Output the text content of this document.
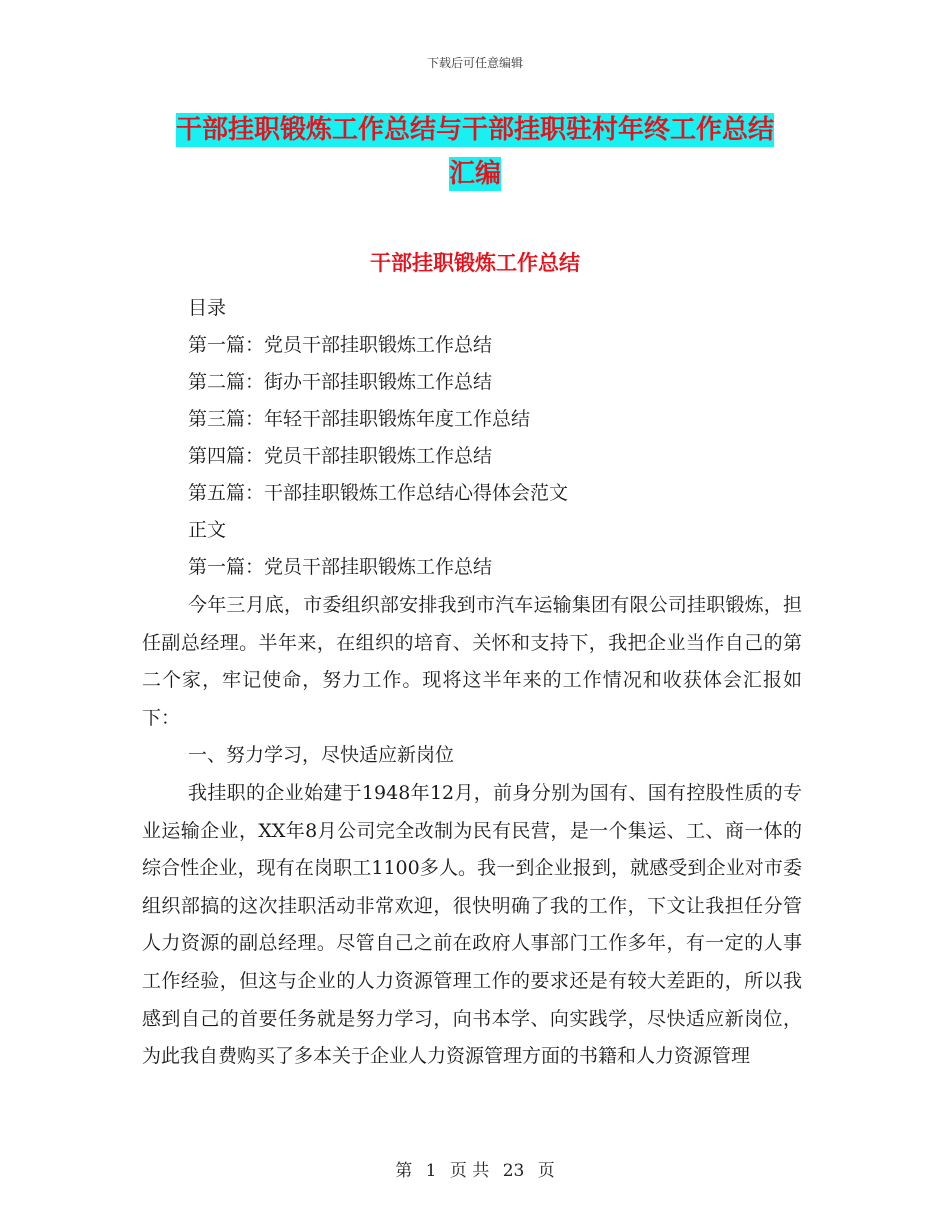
下载后可任意编辑
干部挂职锻炼工作总结与干部挂职驻村年终工作总结
汇编
干部挂职锻炼工作总结
目录
第一篇：党员干部挂职锻炼工作总结
第二篇：街办干部挂职锻炼工作总结
第三篇：年轻干部挂职锻炼年度工作总结
第四篇：党员干部挂职锻炼工作总结
第五篇：干部挂职锻炼工作总结心得体会范文
正文
第一篇：党员干部挂职锻炼工作总结

今年三月底，市委组织部安排我到市汽车运输集团有限公司挂职锻炼，担任副总经理。半年来，在组织的培育、关怀和支持下，我把企业当作自己的第二个家，牢记使命，努力工作。现将这半年来的工作情况和收获体会汇报如下：

一、努力学习，尽快适应新岗位

我挂职的企业始建于1948年12月，前身分别为国有、国有控股性质的专业运输企业，XX年8月公司完全改制为民有民营，是一个集运、工、商一体的综合性企业，现有在岗职工1100多人。我一到企业报到，就感受到企业对市委组织部搞的这次挂职活动非常欢迎，很快明确了我的工作，下文让我担任分管人力资源的副总经理。尽管自己之前在政府人事部门工作多年，有一定的人事工作经验，但这与企业的人力资源管理工作的要求还是有较大差距的，所以我感到自己的首要任务就是努力学习，向书本学、向实践学，尽快适应新岗位，为此我自费购买了多本关于企业人力资源管理方面的书籍和人力资源管理

第 1 页 共 23 页
